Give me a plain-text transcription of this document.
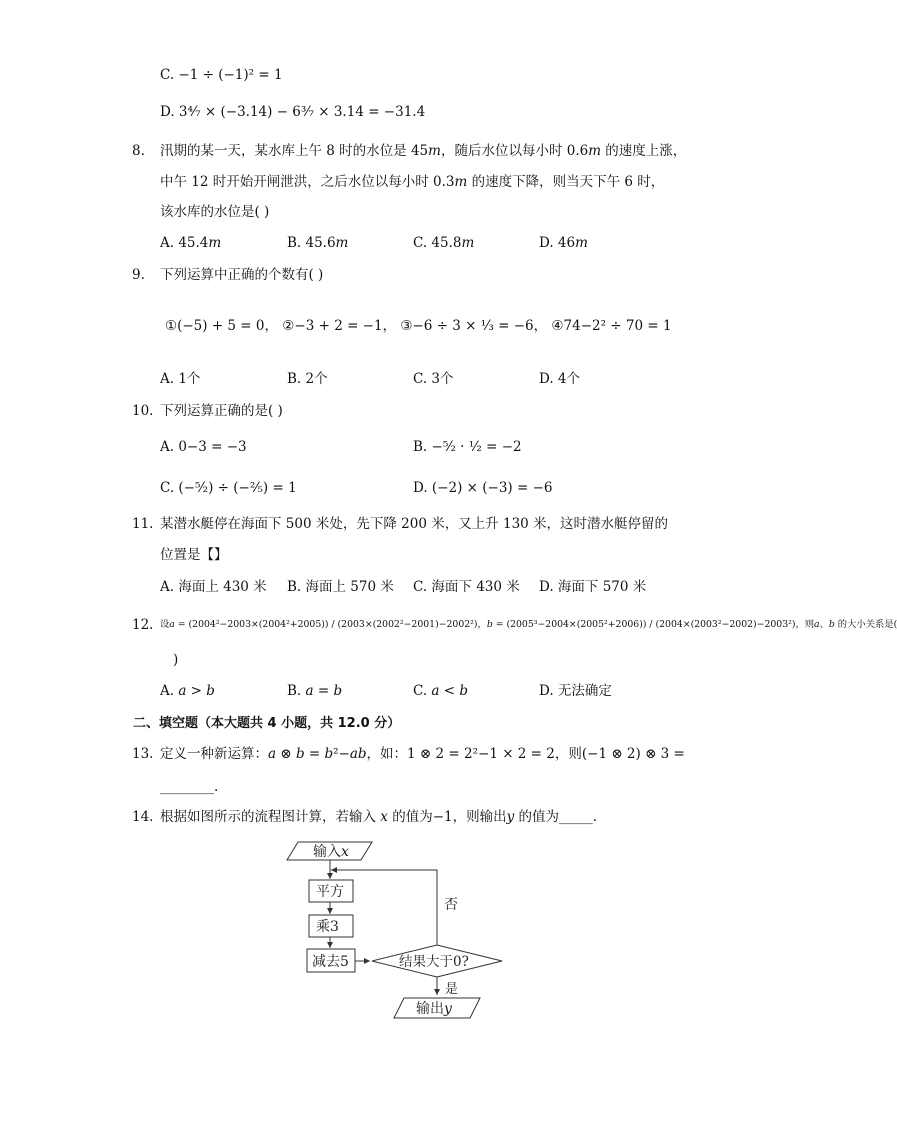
C. −1 ÷ (−1)² = 1
D. 3⁴⁄₇ × (−3.14) − 6³⁄₇ × 3.14 = −31.4
8. 汛期的某一天，某水库上午 8 时的水位是 45𝑚，随后水位以每小时 0.6𝑚 的速度上涨，
中午 12 时开始开闸泄洪，之后水位以每小时 0.3𝑚 的速度下降，则当天下午 6 时，
该水库的水位是( )
A. 45.4𝑚	B. 45.6𝑚	C. 45.8𝑚	D. 46𝑚
9. 下列运算中正确的个数有( )
①(−5) + 5 = 0， ②−3 + 2 = −1， ③−6 ÷ 3 × ¹⁄₃ = −6， ④74−2² ÷ 70 = 1
A. 1个	B. 2个	C. 3个	D. 4个
10. 下列运算正确的是( )
A. 0−3 = −3	B. −⁵⁄₂ · ¹⁄₂ = −2
C. (−⁵⁄₂) ÷ (−²⁄₅) = 1	D. (−2) × (−3) = −6
11. 某潜水艇停在海面下 500 米处，先下降 200 米，又上升 130 米，这时潜水艇停留的
位置是【】
A. 海面上 430 米 B. 海面上 570 米 C. 海面下 430 米 D. 海面下 570 米
12. 设𝑎 = (2004²−2003×(2004²+2005)) / (2003×(2002²−2001)−2002²)，𝑏 = (2005³−2004×(2005²+2006)) / (2004×(2003²−2002)−2003²)，则𝑎、𝑏 的大小关系是(
)
A. 𝑎 > 𝑏	B. 𝑎 = 𝑏	C. 𝑎 < 𝑏	D. 无法确定
二、填空题（本大题共 4 小题，共 12.0 分）
13. 定义一种新运算：𝑎 ⊗ 𝑏 = 𝑏²−𝑎𝑏，如：1 ⊗ 2 = 2²−1 × 2 = 2，则(−1 ⊗ 2) ⊗ 3 =
________.
14. 根据如图所示的流程图计算，若输入 𝑥 的值为−1，则输出𝑦 的值为_____.
输入𝑥
平方
乘3
减去5	结果大于0?
否
是
输出𝑦
